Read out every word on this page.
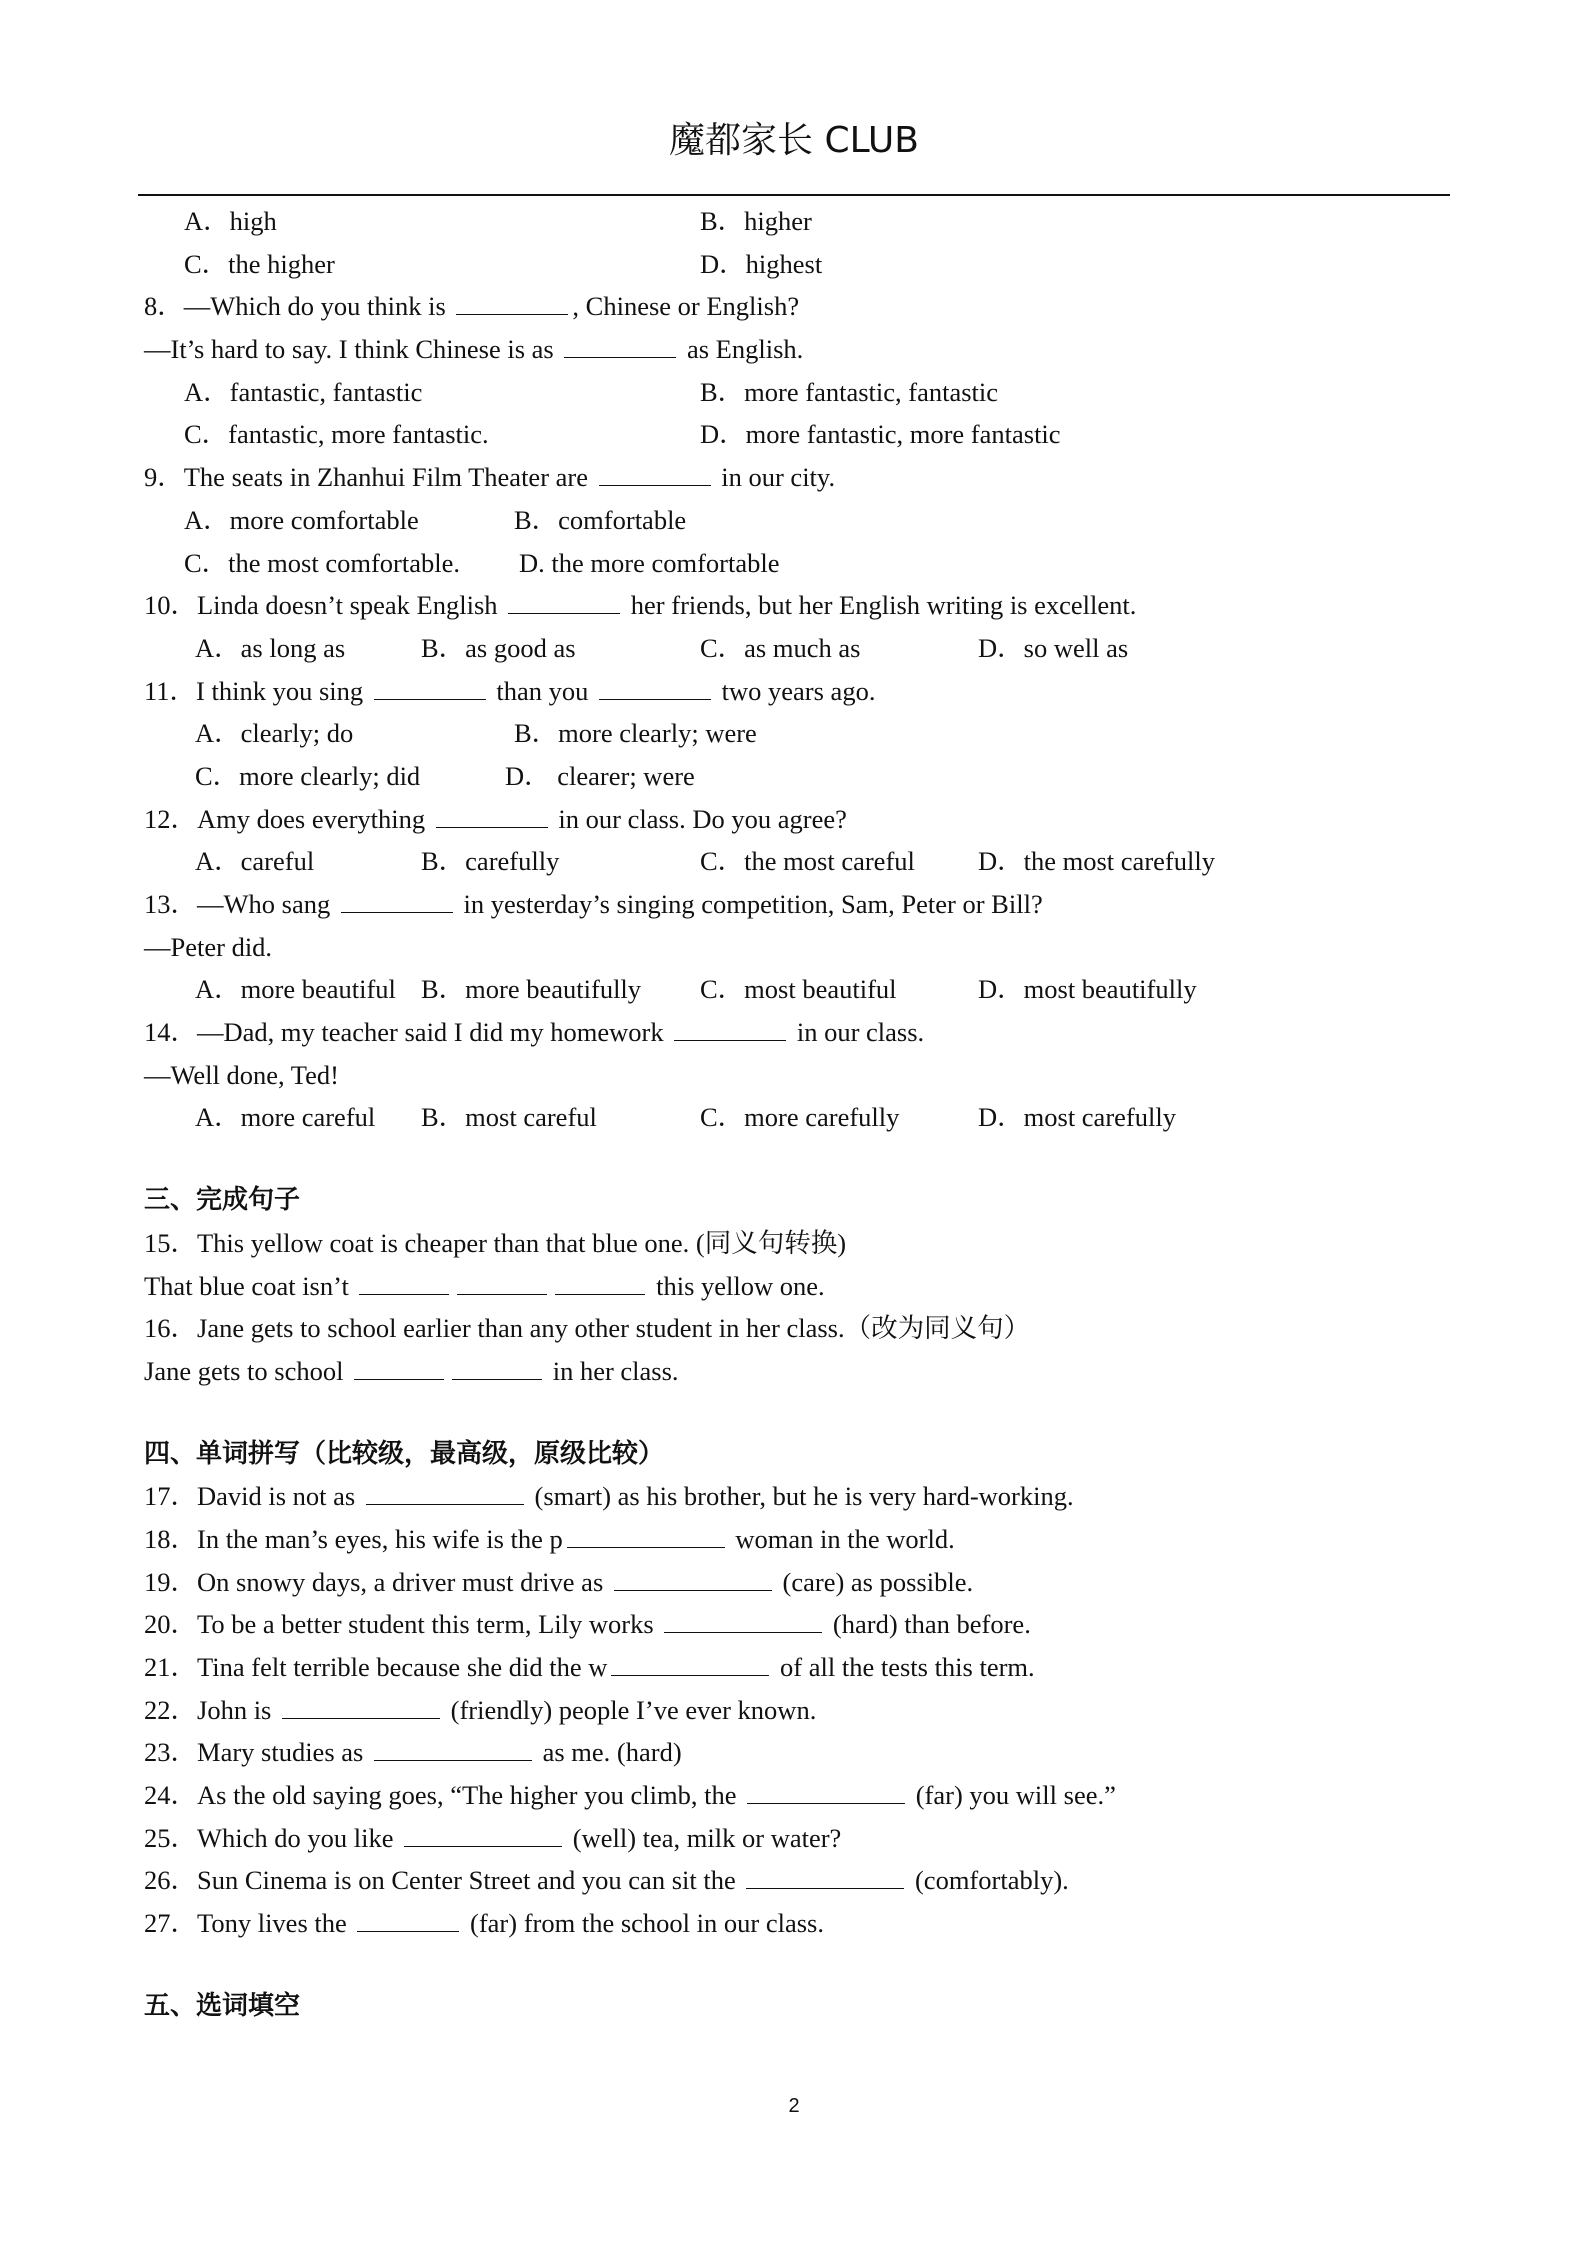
魔都家长 CLUB
A．high	B．higher
C．the higher	D．highest
8．—Which do you think is	, Chinese or English?
—It’s hard to say. I think Chinese is as	as English.
A．fantastic, fantastic	B．more fantastic, fantastic
C．fantastic, more fantastic.	D．more fantastic, more fantastic
9．The seats in Zhanhui Film Theater are	in our city.
A．more comfortable	B．comfortable
C．the most comfortable. D. the more comfortable
10．Linda doesn’t speak English	her friends, but her English writing is excellent.
A．as long as	B．as good as	C．as much as	D．so well as
11．I think you sing	than you	two years ago.
A．clearly; do	B．more clearly; were
C．more clearly; did	D． clearer; were
12．Amy does everything	in our class. Do you agree?
A．careful	B．carefully	C．the most careful D．the most carefully
13．—Who sang	in yesterday’s singing competition, Sam, Peter or Bill?
—Peter did.
A．more beautiful B．more beautifully C．most beautiful	D．most beautifully
14．—Dad, my teacher said I did my homework	in our class.
—Well done, Ted!
A．more careful B．most careful	C．more carefully	D．most carefully
三、完成句子
15．This yellow coat is cheaper than that blue one. (同义句转换)
That blue coat isn’t	this yellow one.
16．Jane gets to school earlier than any other student in her class.（改为同义句）
Jane gets to school	in her class.
四、单词拼写（比较级，最高级，原级比较）
17．David is not as	(smart) as his brother, but he is very hard-working.
18．In the man’s eyes, his wife is the p	woman in the world.
19．On snowy days, a driver must drive as	(care) as possible.
20．To be a better student this term, Lily works	(hard) than before.
21．Tina felt terrible because she did the w	of all the tests this term.
22．John is	(friendly) people I’ve ever known.
23．Mary studies as	as me. (hard)
24．As the old saying goes, “The higher you climb, the	(far) you will see.”
25．Which do you like	(well) tea, milk or water?
26．Sun Cinema is on Center Street and you can sit the	(comfortably).
27．Tony lives the	(far) from the school in our class.
五、选词填空
2
